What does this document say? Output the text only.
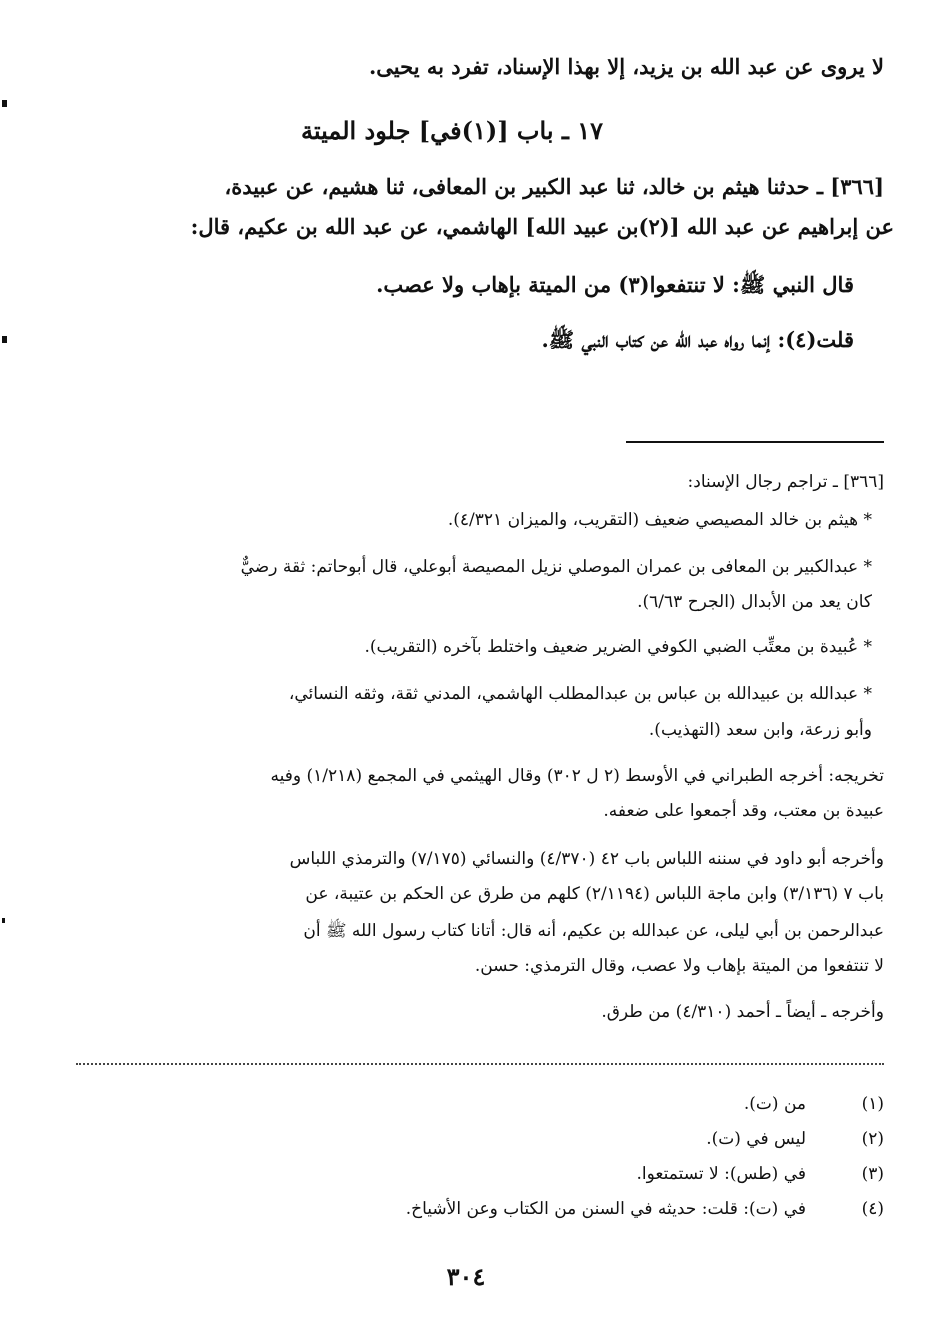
لا يروى عن عبد الله بن يزيد، إلا بهذا الإسناد، تفرد به يحيى.
١٧ ـ باب [(١)في] جلود الميتة
[٣٦٦] ـ حدثنا هيثم بن خالد، ثنا عبد الكبير بن المعافى، ثنا هشيم، عن عبيدة،
عن إبراهيم عن عبد الله [(٢)بن عبيد الله] الهاشمي، عن عبد الله بن عكيم، قال:
قال النبي ﷺ: لا تنتفعوا(٣) من الميتة بإهاب ولا عصب.
قلت(٤): إنما رواه عبد الله عن كتاب النبي ﷺ.
[٣٦٦] ـ تراجم رجال الإسناد:
* هيثم بن خالد المصيصي ضعيف (التقريب، والميزان ٤/٣٢١).
* عبدالكبير بن المعافى بن عمران الموصلي نزيل المصيصة أبوعلي، قال أبوحاتم: ثقة رضيٌّ
كان يعد من الأبدال (الجرح ٦/٦٣).
* عُبيدة بن معتِّب الضبي الكوفي الضرير ضعيف واختلط بآخره (التقريب).
* عبدالله بن عبيدالله بن عباس بن عبدالمطلب الهاشمي، المدني ثقة، وثقه النسائي،
وأبو زرعة، وابن سعد (التهذيب).
تخريجه: أخرجه الطبراني في الأوسط (٢ ل ٣٠٢) وقال الهيثمي في المجمع (١/٢١٨) وفيه
عبيدة بن معتب، وقد أجمعوا على ضعفه.
وأخرجه أبو داود في سننه اللباس باب ٤٢ (٤/٣٧٠) والنسائي (٧/١٧٥) والترمذي اللباس
باب ٧ (٣/١٣٦) وابن ماجة اللباس (٢/١١٩٤) كلهم من طرق عن الحكم بن عتيبة، عن
عبدالرحمن بن أبي ليلى، عن عبدالله بن عكيم، أنه قال: أتانا كتاب رسول الله ﷺ أن
لا تنتفعوا من الميتة بإهاب ولا عصب، وقال الترمذي: حسن.
وأخرجه ـ أيضاً ـ أحمد (٤/٣١٠) من طرق.
(١)من (ت).
(٢)ليس في (ت).
(٣)في (طس): لا تستمتعوا.
(٤)في (ت): قلت: حديثه في السنن من الكتاب وعن الأشياخ.
٣٠٤
